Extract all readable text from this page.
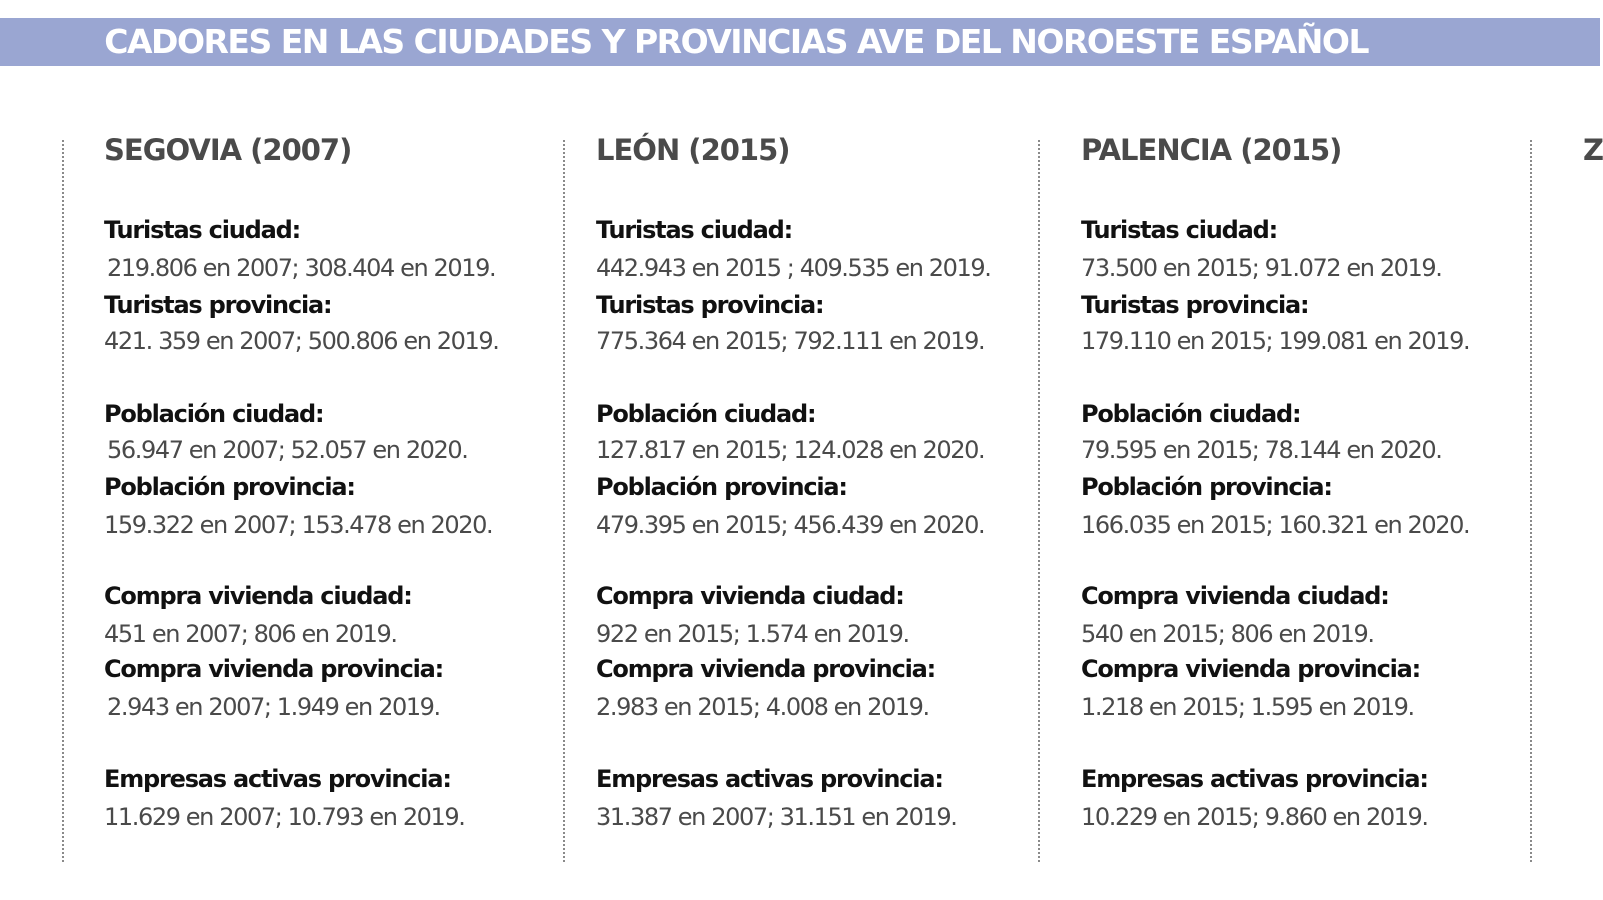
CADORES EN LAS CIUDADES Y PROVINCIAS AVE DEL NOROESTE ESPAÑOL
SEGOVIA (2007)
Turistas ciudad:
219.806 en 2007; 308.404 en 2019.
Turistas provincia:
421. 359 en 2007; 500.806 en 2019.
Población ciudad:
56.947 en 2007; 52.057 en 2020.
Población provincia:
159.322 en 2007; 153.478 en 2020.
Compra vivienda ciudad:
451 en 2007; 806 en 2019.
Compra vivienda provincia:
2.943 en 2007; 1.949 en 2019.
Empresas activas provincia:
11.629 en 2007; 10.793 en 2019.
LEÓN (2015)
Turistas ciudad:
442.943 en 2015 ; 409.535 en 2019.
Turistas provincia:
775.364 en 2015; 792.111 en 2019.
Población ciudad:
127.817 en 2015; 124.028 en 2020.
Población provincia:
479.395 en 2015; 456.439 en 2020.
Compra vivienda ciudad:
922 en 2015; 1.574 en 2019.
Compra vivienda provincia:
2.983 en 2015; 4.008 en 2019.
Empresas activas provincia:
31.387 en 2007; 31.151 en 2019.
PALENCIA (2015)
Turistas ciudad:
73.500 en 2015; 91.072 en 2019.
Turistas provincia:
179.110 en 2015; 199.081 en 2019.
Población ciudad:
79.595 en 2015; 78.144 en 2020.
Población provincia:
166.035 en 2015; 160.321 en 2020.
Compra vivienda ciudad:
540 en 2015; 806 en 2019.
Compra vivienda provincia:
1.218 en 2015; 1.595 en 2019.
Empresas activas provincia:
10.229 en 2015; 9.860 en 2019.
Z
